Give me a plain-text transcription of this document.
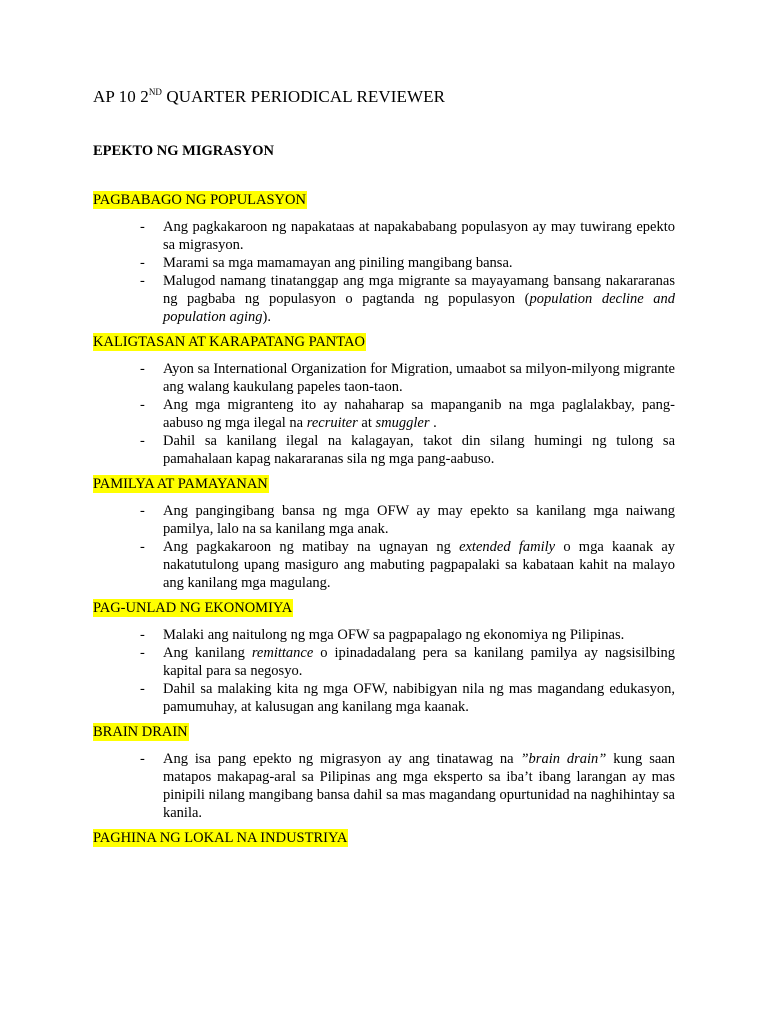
AP 10 2ND QUARTER PERIODICAL REVIEWER
EPEKTO NG MIGRASYON
PAGBABAGO NG POPULASYON
- Ang pagkakaroon ng napakataas at napakababang populasyon ay may tuwirang epekto sa migrasyon.
- Marami sa mga mamamayan ang piniling mangibang bansa.
- Malugod namang tinatanggap ang mga migrante sa mayayamang bansang nakararanas ng pagbaba ng populasyon o pagtanda ng populasyon (population decline and population aging).
KALIGTASAN AT KARAPATANG PANTAO
- Ayon sa International Organization for Migration, umaabot sa milyon-milyong migrante ang walang kaukulang papeles taon-taon.
- Ang mga migranteng ito ay nahaharap sa mapanganib na mga paglalakbay, pang-aabuso ng mga ilegal na recruiter at smuggler .
- Dahil sa kanilang ilegal na kalagayan, takot din silang humingi ng tulong sa pamahalaan kapag nakararanas sila ng mga pang-aabuso.
PAMILYA AT PAMAYANAN
- Ang pangingibang bansa ng mga OFW ay may epekto sa kanilang mga naiwang pamilya, lalo na sa kanilang mga anak.
- Ang pagkakaroon ng matibay na ugnayan ng extended family o mga kaanak ay nakatutulong upang masiguro ang mabuting pagpapalaki sa kabataan kahit na malayo ang kanilang mga magulang.
PAG-UNLAD NG EKONOMIYA
- Malaki ang naitulong ng mga OFW sa pagpapalago ng ekonomiya ng Pilipinas.
- Ang kanilang remittance o ipinadadalang pera sa kanilang pamilya ay nagsisilbing kapital para sa negosyo.
- Dahil sa malaking kita ng mga OFW, nabibigyan nila ng mas magandang edukasyon, pamumuhay, at kalusugan ang kanilang mga kaanak.
BRAIN DRAIN
- Ang isa pang epekto ng migrasyon ay ang tinatawag na ”brain drain” kung saan matapos makapag-aral sa Pilipinas ang mga eksperto sa iba’t ibang larangan ay mas pinipili nilang mangibang bansa dahil sa mas magandang opurtunidad na naghihintay sa kanila.
PAGHINA NG LOKAL NA INDUSTRIYA
